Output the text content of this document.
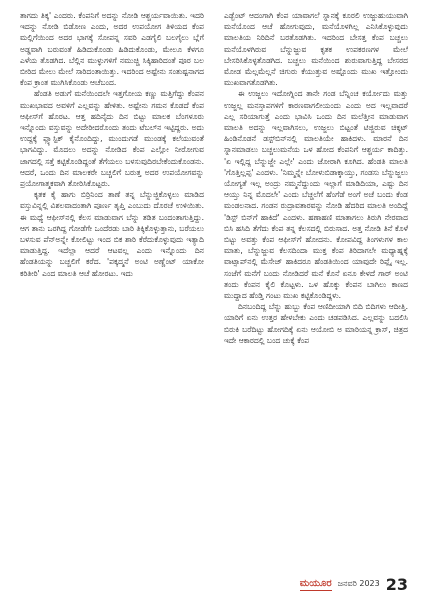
ತಾಗದು ತಿಕ್ಕ' ಎಂದರು. ಕೆಂಪನಿಗೆ ಅದನ್ನು ನೋಡಿ ಆಶ್ಚರ್ಯವಾಯಿತು. ಇದರಿ ಇದನ್ನು ನೋಡಿ ಬಿಡೋಣ ಎಂದು, ಅದರ ಉಪಯೋಗ ತಿಳಿಯದ ಕೆಂಪ ಮಲ್ಲಿಗೆಯಿಂದ ಅದರ ಭಾಗಕ್ಕೆ ಸೋಪನ್ನ ಸವರಿ ಎಡಗೈಲಿ ಬಲಗೈಲು ಬ್ಲೆಗೆ ಅಡ್ಡವಾಗಿ ಬರುವಂತೆ ಹಿಡಿದುಕೊಂಡು ಹಿಡಿದುಕೊಂಡು, ಮೇಲೂ ಕೆಳಗೂ ಎಳೆಯ ತೊಡಗಿದ. ಬೆಲ್ಲಿನ ಮುಳ್ಳುಗಳಿಗೆ ನಮುಚ್ಚಿ ಸಿಕ್ಕಿಹಾರಿದಂತೆ ಪೂರ ಬಲ ಬೀರಿದ ಮೇಲು ಮೇಲೆ ಸಾರಿದಂತಾಯಿತ್ತು. ಇದರಿಂದ ಅಷ್ಟೇನು ಸಂತುಷ್ಟನಾಗದ ಕೆಂಪ ಕ್ರಾಂತ ಮುಗಿಸಿಕೊಂಡು ಆಚೆಬಂದ.

ಹೆಂಡತಿ ಅಡುಗೆ ಮನೆಯಿಂದಲೇ ಇತ್ತಗೋಯ ಕಣ್ಣು ಮತ್ತಿಗೆದ್ದು ಕೆಂಪನ ಮುಖಭಾವದ ಅವಳಿಗೆ ಎಲ್ಲವನ್ನು ಹೇಳಿತು. ಅಷ್ಟೇನು ಗಮನ ಕೊಡದೆ ಕೆಂಪ ಆಫೀಸ್‌ಗೆ ಹೊರಟ. ಆತ್ತ ಹದಿನೈದು ದಿನ ಬಿಟ್ಟು ಮಾಲಕ ಬೆಂಗಳೂರು ಇನ್ನೊಂದು ವಸ್ತುವನ್ನು ಅದೇರೀದರೊಂದು ತಂದು ಟೆಬಲ್‌ನ ಇಟ್ಟಿದ್ದರು. ಅದು ಉದ್ದಕ್ಕೆ ಪ್ಲ್ಯಾಸ್ಟಿಕ್ ಕೈನೊಂದಿದ್ದು, ಮುಂದುಗಡೆ ಮುಂಡಕ್ಕೆ ಕಲೆಯುವಂತೆ ಭಾಗವಿದ್ದು. ಮೊದಲು ಅದನ್ನು ನೋಡಿದ ಕೆಂಪ ಎಲ್ಲೋ ನೀರೋಗುವ ಜಾಗದಲ್ಲಿ ಸತ್ತೆ ಕಟ್ಟಿಕೊಂಡಿದ್ದಂತೆ ತೆಗೆಯಲು ಬಳಸುವುದಿರಬೇಕೆಂದುಕೊಂಡನು. ಆದರೆ, ಒಂದು ದಿನ ಮಾಲಕರೇ ಬಚ್ಚಲಿಗೆ ಬರುತ್ತ ಅದರ ಉಪಯೋಗವನ್ನು ಪ್ರಯೋಗಾತ್ಮಕವಾಗಿ ತೋರಿಸಿಕೊಟ್ಟರು.

ಕೃತಕ ಕೈ ಹಾಗು ಬಿರ್ರಿನಿಂದ ತಾಣೆ ತನ್ನ ಬೆನ್ನುಜ್ಜಿಕೊಳ್ಳಲು ಮಾಡಿದ ವಸ್ತುವಿನ್ನಲ್ಲಿ ವಿಶಲವಾದಂತಾಗಿ ಪೂರ್ಣ ತೃಪ್ತಿ ಎಂಬುದು ದೊರಚೆ ಉಳಿಯಿತು. ಈ ಮಧ್ಯೆ ಆಫೀಸ್‌ನಲ್ಲಿ ಕೆಲಸ ಮಾಡುವಾಗ ಬೆನ್ನು ತಡಿತ ಬಂದಂತಾಗುತ್ತಿದ್ದು. ಆಗ ತಾನು ಒರಗಿದ್ದ ಗೋಡೆಗೇ ಒಂದೆರಡು ಬಾರಿ ತಿಕ್ಕಿಕೊಳ್ಳುತ್ತಾನು, ಬರೆಯಲು ಬಳಸುವ ಪೆನ್‌ಅನ್ನೇ ಕೋಲಿಟ್ಟು ಇಂದ ಬಿಕ ಶಾರಿ ಕೆರೆದುಕೊಳ್ಳುವುದು ಇತ್ಯಾದಿ ಮಾಡುತ್ತಿದ್ದ. ಇದೆಲ್ಲಾ ಆದರೆ ಆಟವಲ್ಲ ಎಂದು ಇನ್ನೊಂದು ದಿನ ಹೆಂಡತಿಯನ್ನು ಬಚ್ಚಲಿಗೆ ಕರೆದ. 'ಪಕ್ಕದ್ಮನೆ ಅಂಟಿ ಅಣ್ಣೆಂಟ್ ಯಾಕೋ ಕರಿತೀರಿ' ಎಂದ ಮಾಲತಿ ಆಚೆ ಹೋರಟು. ಇದು

ಎಡ್ಬೆಂಟ್ ಆದಂಗಾಗಿ ಕೆಂಪ ಯಾವಾಗಲೆ ಸ್ನಾನಕ್ಕೆ ಕೂರಲಿ ಉಜ್ಜುಹುಯುವಾಗಿ ಮನೆಯೊಂದ ಆಚೆ ಹೋಗುವುದು, ಮನೆಯೊಳಗಿಲ್ಲ ಎನಿಸಿಕೊಳ್ಳುವುದು ಮಾಲತಿಯ ನಿರಿದಿನೆ ಬರತೊಡಗಿತು. ಇದರಿಂದ ಬೇಸತ್ತ ಕೆಂಪ ಬಚ್ಚಲು ಮನೆಯೊಳಗಿರುವ ಬೆನ್ನುಜ್ಜುವ ಕೃತಕ ಉಪಕರಣಗಳ ಮೇಲೆ ಬೇಸರಿಸಿಕೊಳ್ಳತೊಡಗಿದ. ಬಚ್ಚಲು ಮನೆಯಿಂದ ಶುರುವಾಗುತ್ತಿದ್ದ ಬೇಸರದ ಮೋಡ ಮೆಲ್ಲಮೆಲ್ಲನೆ ಚಿಗುರು ಕೆಯುತ್ತುವ ಅಷ್ಟೊಂದು ಮುಖ ಇತ್ತೋಂದು ಮುಖವಾಗತೊಡಗಿತು.

ಈ ಉಜ್ಜಲು ಇದೋಗ್ನಿಂದ ತಾನೇ ಗಂಡ ಬೆನ್ನಿಂಚ ಕರ್ಯೋದು ಮತ್ತು ಉಜ್ಜಲ್ಲ ಮನಸ್ತಾಪಗಳಿಗೆ ಕಾರಣವಾಗಲೀಯಂದು ಎಂದು ಅದ ಇಲ್ಲವಾದರೆ ಎಲ್ಲ ಸರಿಯಾಗುತ್ತೆ ಎಂದು ಭಾವಿಸಿ ಒಂದು ದಿನ ಮಲೆತ್ತೀನ ಮಾಡುವಾಗ ಮಾಲತಿ ಅದನ್ನು ಇಲ್ಲವಾಗಿಸಲು, ಉಜ್ಜಲು ಬಿಟ್ಟಂತೆ ಟಿಜ್ಜಿರುವ ಚಿಕ್ಕಟ್ ಹಿಂಡಿನೊಡನೆ ಡಸ್ಟ್‌ಬಿನ್‌ನಲ್ಲಿ ಮಾಲತಿಯೇ ಹಾಕಿದಳು. ಮಾರನೆ ದಿನ ಸ್ನಾನಮಾಡಲು ಬಚ್ಚಲುಮನೆಯ ಒಳ ಹೋದ ಕೆಂಪನಿಗೆ ಆಶ್ಚರ್ಯ ಕಾದಿತ್ತು. 'ಏ ಇಲ್ಲಿದ್ದ ಬೆನ್ನುಜ್ಜೇ ಎಲ್ಲೇ' ಎಂದು ಜೋರಾಗಿ ಕೂಗಿದ. ಹೆಂಡತಿ ಮಾಲತಿ 'ಗೊತ್ತಿಲ್ಲಪ್ಪ' ಎಂದಳು. 'ನಿಮ್ಮನ್ನೇ ಬೋಳುಬಿಡಾಕ್ಕಾಯ್ತು, ಗಂಡಸು ಬೆನ್ನುಜ್ಜಲು ಯೋಗ್ಯತೆ ಇಲ್ಲ ಅಂದ್ರು ನಮ್ಮನೆದ್ದುಂದು ಇಲ್ಲಾಗೆ ಮಾಡಿದಿಯಾ, ಎಷ್ಟು ದಿನ ಆಯ್ತು ನಿನ್ನ ಮೊದಲೇ' ಎಂದು ಬೆಚ್ಚಲೆಗೆ ಹೆಂಗೆಡೆ ಅಂಗೆ ಅಚೆ ಬಂದು ಕೆಂಡ ಮಂಡಲನಾದ. ಗಂಡನ ರುದ್ರಾವತಾರವನ್ನು ನೋಡಿ ಹೆದರಿದ ಮಾಲತಿ ಅಂದಿದ್ದೆ 'ಡಿಸ್ಟ್ ಬಿನ್‌ಗೆ ಹಾಕಿದೆ' ಎಂದಳು. ಹಣಾಹಣಿ ಮಾತಾಗಲು ತಿರುಗಿ ನೇರವಾದ ಬಿಸಿ ಹಸಿದಿ ತೆಗೆದು ಕೆಂಪ ತನ್ನ ಕೆಲಸದಲ್ಲಿ ಬಿರುಸಾದ. ಅತ್ತ ನೋಡಿ ತಿನೆ ಕೊಳೆ ಬಿಟ್ಟು ಅವತ್ತು ಕೆಂಪ ಆಫೀಸ್‌ಗೆ ಹೋದನು. ಕೋಪವಿದ್ದ ತಿಂಗಳುಗಳ ಕಾಲ ಮಾತು, ಬೆನ್ನುಜ್ಜುವ ಕೆಲಸದಿಂದಾ ಮುಕ್ತ ಕೆಂಪ ತಿರಿದಾಗಲೇ ಮಧ್ಯಾಹ್ನಕ್ಕೆ ವಾಟ್ಸಾಪ್‌ನಲ್ಲಿ ಮೆಸೇಜ್ ಹಾಕಿದರೂ ಹೆಂಡತಿಯಿಂದ ಯಾವುದೇ ರಿಪ್ಲೈ ಇಲ್ಲ. ಸಂಜೆಗೆ ಮನೆಗೆ ಬಂದು ನೋಡಿದರೆ ಮನೆ ಕೊನೆ ಏನೂ ಕೇಳದೆ ಗಾರ್ ಅಂಟಿ ತಂದು ಕೆಂಪನ ಕೈಲಿ ಕೊಟ್ಟಳು. ಒಳ ಹೊಕ್ಕು ಕೆಂಪನ ಬಾಗಿಲು ಕಾಣದ ಮುದ್ದಾದ ಹೆಂಡ್ತಿ ಗಂಟು ಮುಖ ಕಟ್ಟಿಕೊಂಡಿದ್ದಳು.

ದಿನಬಂದಿದ್ದ ಬೆನ್ನು ಹುಬ್ಬು ಕೆಂಪ ಆಣಿದೀಯಾಗಿ ಬಿದಿ ಬಿದಿಗಳು ಆದೀತ್ತಿ. ಯಾರಿಗೆ ಏನು ಉತ್ತರ ಹೇಳಬೇಕು ಎಂದು ಚಡಪಡಿಸಿದ. ಎಲ್ಲವನ್ನು ಬದಲಿಸಿ ಬಿರುಕಿ ಬರೆದಿಟ್ಟು ಹೋಗದಿಕ್ಕೆ ಏನು ಆಯೋಬಿ ಅ ಮಾರಿಯನ್ನ ಕ್ರಾಸ್, ಚಿತ್ರದ ಇದೇ ಆಕಾರದಲ್ಲಿ ಬಂದ ಚುಕ್ಕೆ ಕೆಂಪ

ಮಯೂರ ಜನವರಿ 2023 23
